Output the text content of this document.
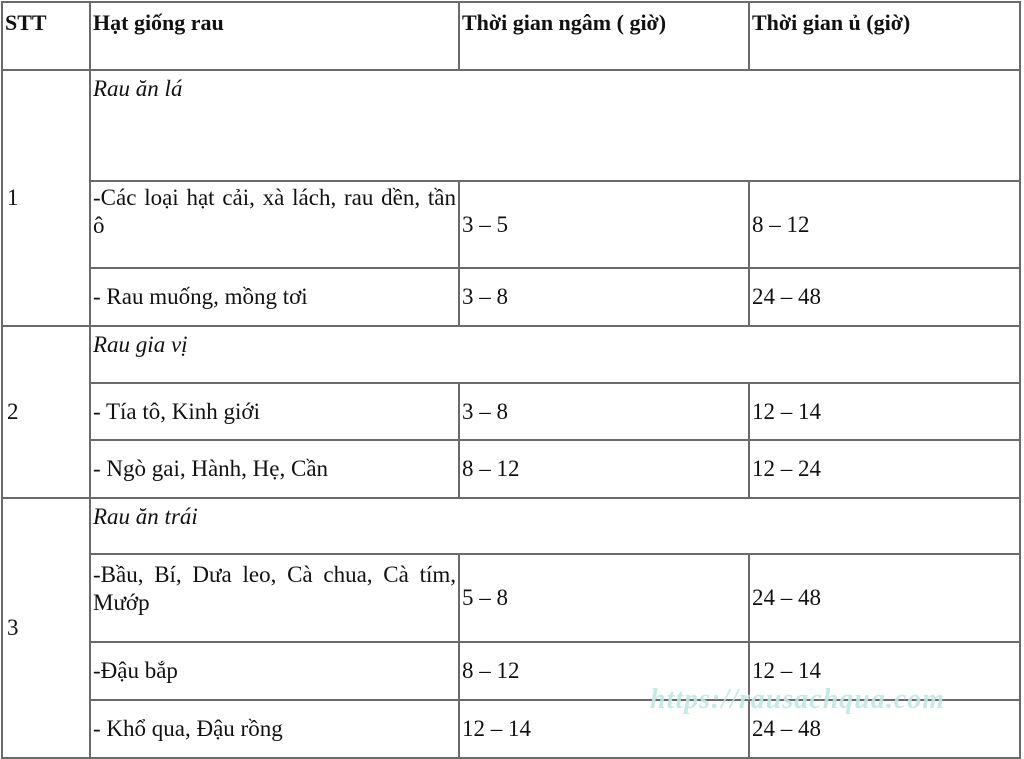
STT	Hạt giống rau	Thời gian ngâm ( giờ)	Thời gian ủ (giờ)
1	Rau ăn lá		
	-Các loại hạt cải, xà lách, rau dền, tần ô	3 – 5	8 – 12
	- Rau muống, mồng tơi	3 – 8	24 – 48
2	Rau gia vị		
	- Tía tô, Kinh giới	3 – 8	12 – 14
	- Ngò gai, Hành, Hẹ, Cần	8 – 12	12 – 24
3	Rau ăn trái		
	-Bầu, Bí, Dưa leo, Cà chua, Cà tím, Mướp	5 – 8	24 – 48
	-Đậu bắp	8 – 12	12 – 14
	- Khổ qua, Đậu rồng	12 – 14	24 – 48
https://rausachqua.com
